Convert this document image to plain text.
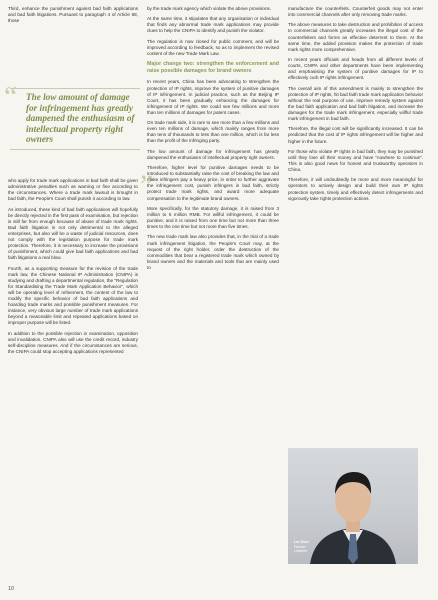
Third, enhance the punishment against bad faith applications and bad faith litigations. Pursuant to paragraph 4 of Article 68, those

“ The low amount of damage for infringement has greatly dampened the enthusiasm of intellectual property right owners
”

who apply for trade mark applications in bad faith shall be given administrative penalties such as warning or fine according to the circumstances. Where a trade mark lawsuit is brought in bad faith, the People's Court shall punish it according to law.

As introduced, these kind of bad faith applications will hopefully be directly rejected in the first pass of examination, but rejection is still far from enough because of abuse of trade mark rights. Bad faith litigation is not only detrimental to the alleged enterprises, but also will be a waste of judicial resources, does not comply with the legislation purpose for trade mark protection. Therefore, it is necessary to increase the provisions of punishment, which could give bad faith applications and bad faith litigations a real blow.

Fourth, as a supporting measure for the revision of the trade mark law, the Chinese National IP Administration (CNIPA) is studying and drafting a departmental regulation, the "Regulation for Standardising the Trade Mark Application Behavior", which will be operating level of refinement, the content of the law to modify the specific behavior of bad faith applications and hoarding trade marks and possible punishment measures. For instance, very obvious large number of trade mark applications beyond a reasonable limit and repeated applications based on improper purpose will be listed.

In addition to the possible rejection in examination, opposition and invalidation, CNIPA also will use the credit record, industry self-discipline measures. And if the circumstances are serious, the CNIPA could stop accepting applications represented

by the trade mark agency which violate the above provisions.

At the same time, it stipulates that any organisation or individual that finds any abnormal trade mark applications may provide clues to help the CNIPA to identify and punish the violator.

The regulation is now closed for public comment, and will be improved according to feedback, so as to implement the revised content of the new Trade Mark Law.

Major change two: strengthen the enforcement and raise possible damages for brand owners

In recent years, China has been advocating to strengthen the protection of IP rights, improve the system of punitive damages of IP infringement. In judicial practice, such as the Beijing IP Court, it has been gradually enhancing the damages for infringement of IP rights. We could see few millions and more than ten millions of damages for patent cases.

On trade mark side, it is rare to see more than a few millions and even ten millions of damage, which mainly ranges from more than tens of thousands to less than one million, which is far less than the profit of the infringing party.

The low amount of damage for infringement has greatly dampened the enthusiasm of intellectual property right owners.

Therefore, higher level for punitive damages needs to be introduced to substantially raise the cost of breaking the law and make infringers pay a heavy price, in order to further aggravate the infringement cost, punish infringers in bad faith, strictly protect trade mark rights, and award more adequate compensation to the legitimate brand owners.

More specifically, for the statutory damage, it is raised from 3 million to 5 million RMB. For willful infringement, it could be punitive, and it is raised from one time but not more than three times to the one time but not more than five times.

The new trade mark law also provides that, in the trial of a trade mark infringement litigation, the People's Court may, at the request of the right holder, order the destruction of the commodities that bear a registered trade mark which owned by brand owners and the materials and tools that are mainly used to

manufacture the counterfeits. Counterfeit goods may not enter into commercial channels after only removing trade marks.

The above measures to take destruction and prohibition of access to commercial channels greatly increases the illegal cost of the counterfeiters and forms an effective deterrent to them. At the same time, the added provision makes the protection of trade mark rights more comprehensive.

In recent years officials and heads from all different levels of courts, CNIPA and other departments have been implementing and emphasising the system of punitive damages for IP to effectively curb IP rights infringement.

The overall aim of this amendment is mainly to strengthen the protection of IP rights, hit bad faith trade mark application behavior without the real purpose of use, improve remedy system against the bad faith application and bad faith litigation, and increase the damages for the trade mark infringement, especially willful trade mark infringement in bad faith.

Therefore, the illegal cost will be significantly increased. It can be predicted that the cost of IP rights infringement will be higher and higher in the future.

For those who violate IP rights in bad faith, they may be punished until they lose all their money and have "nowhere to continue". This is also good news for honest and trustworthy operators in China.

Therefore, it will undoubtedly be more and more meaningful for operators to actively design and build their own IP rights protection system, timely and effectively detect infringements and vigorously take rights protection actions.

Lei Zhen
Partner
Unitalen
10
